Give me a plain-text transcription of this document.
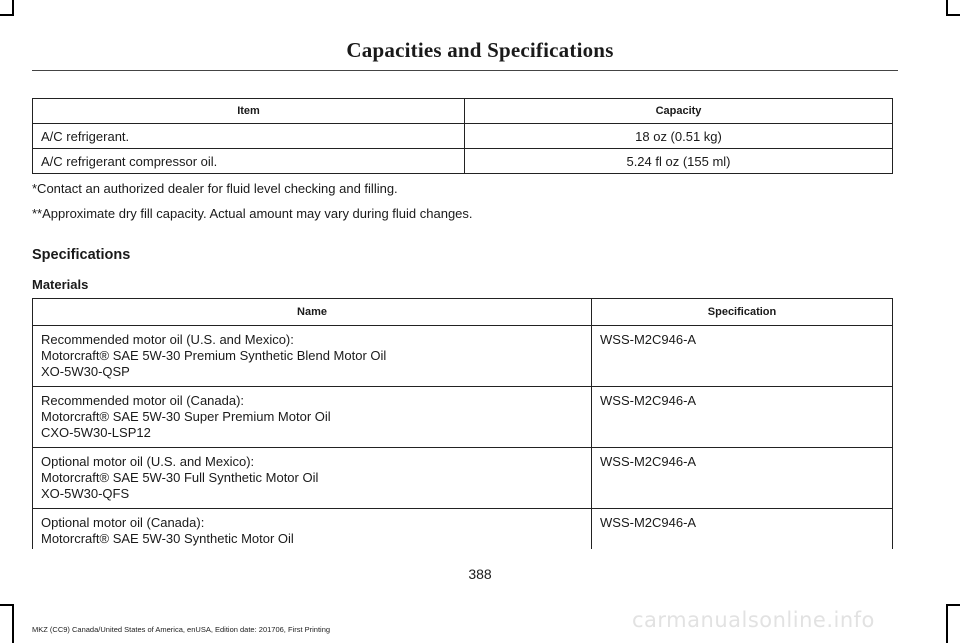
Capacities and Specifications
Item	Capacity
A/C refrigerant.	18 oz (0.51 kg)
A/C refrigerant compressor oil.	5.24 fl oz (155 ml)
*Contact an authorized dealer for fluid level checking and filling.
**Approximate dry fill capacity. Actual amount may vary during fluid changes.
Specifications
Materials
Name	Specification

Recommended motor oil (U.S. and Mexico):
Motorcraft® SAE 5W-30 Premium Synthetic Blend Motor Oil
XO-5W30-QSP	WSS-M2C946-A

Recommended motor oil (Canada):
Motorcraft® SAE 5W-30 Super Premium Motor Oil
CXO-5W30-LSP12	WSS-M2C946-A

Optional motor oil (U.S. and Mexico):
Motorcraft® SAE 5W-30 Full Synthetic Motor Oil
XO-5W30-QFS	WSS-M2C946-A

Optional motor oil (Canada):
Motorcraft® SAE 5W-30 Synthetic Motor Oil	WSS-M2C946-A
388
carmanualsonline.info
MKZ (CC9) Canada/United States of America, enUSA, Edition date: 201706, First Printing
